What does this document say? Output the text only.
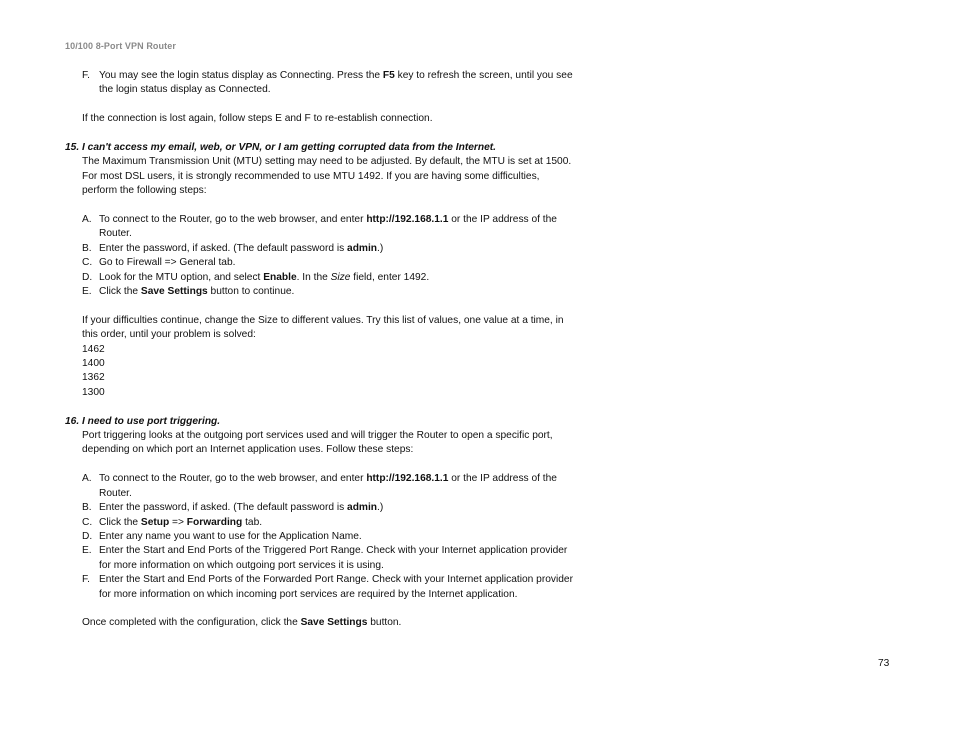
10/100 8-Port VPN Router
F. You may see the login status display as Connecting. Press the F5 key to refresh the screen, until you see
the login status display as Connected.
If the connection is lost again, follow steps E and F to re-establish connection.
15. I can't access my email, web, or VPN, or I am getting corrupted data from the Internet.
The Maximum Transmission Unit (MTU) setting may need to be adjusted. By default, the MTU is set at 1500.
For most DSL users, it is strongly recommended to use MTU 1492. If you are having some difficulties,
perform the following steps:
A. To connect to the Router, go to the web browser, and enter http://192.168.1.1 or the IP address of the
Router.
B. Enter the password, if asked. (The default password is admin.)
C. Go to Firewall => General tab.
D. Look for the MTU option, and select Enable. In the Size field, enter 1492.
E. Click the Save Settings button to continue.
If your difficulties continue, change the Size to different values. Try this list of values, one value at a time, in
this order, until your problem is solved:
1462
1400
1362
1300
16. I need to use port triggering.
Port triggering looks at the outgoing port services used and will trigger the Router to open a specific port,
depending on which port an Internet application uses. Follow these steps:
A. To connect to the Router, go to the web browser, and enter http://192.168.1.1 or the IP address of the
Router.
B. Enter the password, if asked. (The default password is admin.)
C. Click the Setup => Forwarding tab.
D. Enter any name you want to use for the Application Name.
E. Enter the Start and End Ports of the Triggered Port Range. Check with your Internet application provider
for more information on which outgoing port services it is using.
F. Enter the Start and End Ports of the Forwarded Port Range. Check with your Internet application provider
for more information on which incoming port services are required by the Internet application.
Once completed with the configuration, click the Save Settings button.
73
